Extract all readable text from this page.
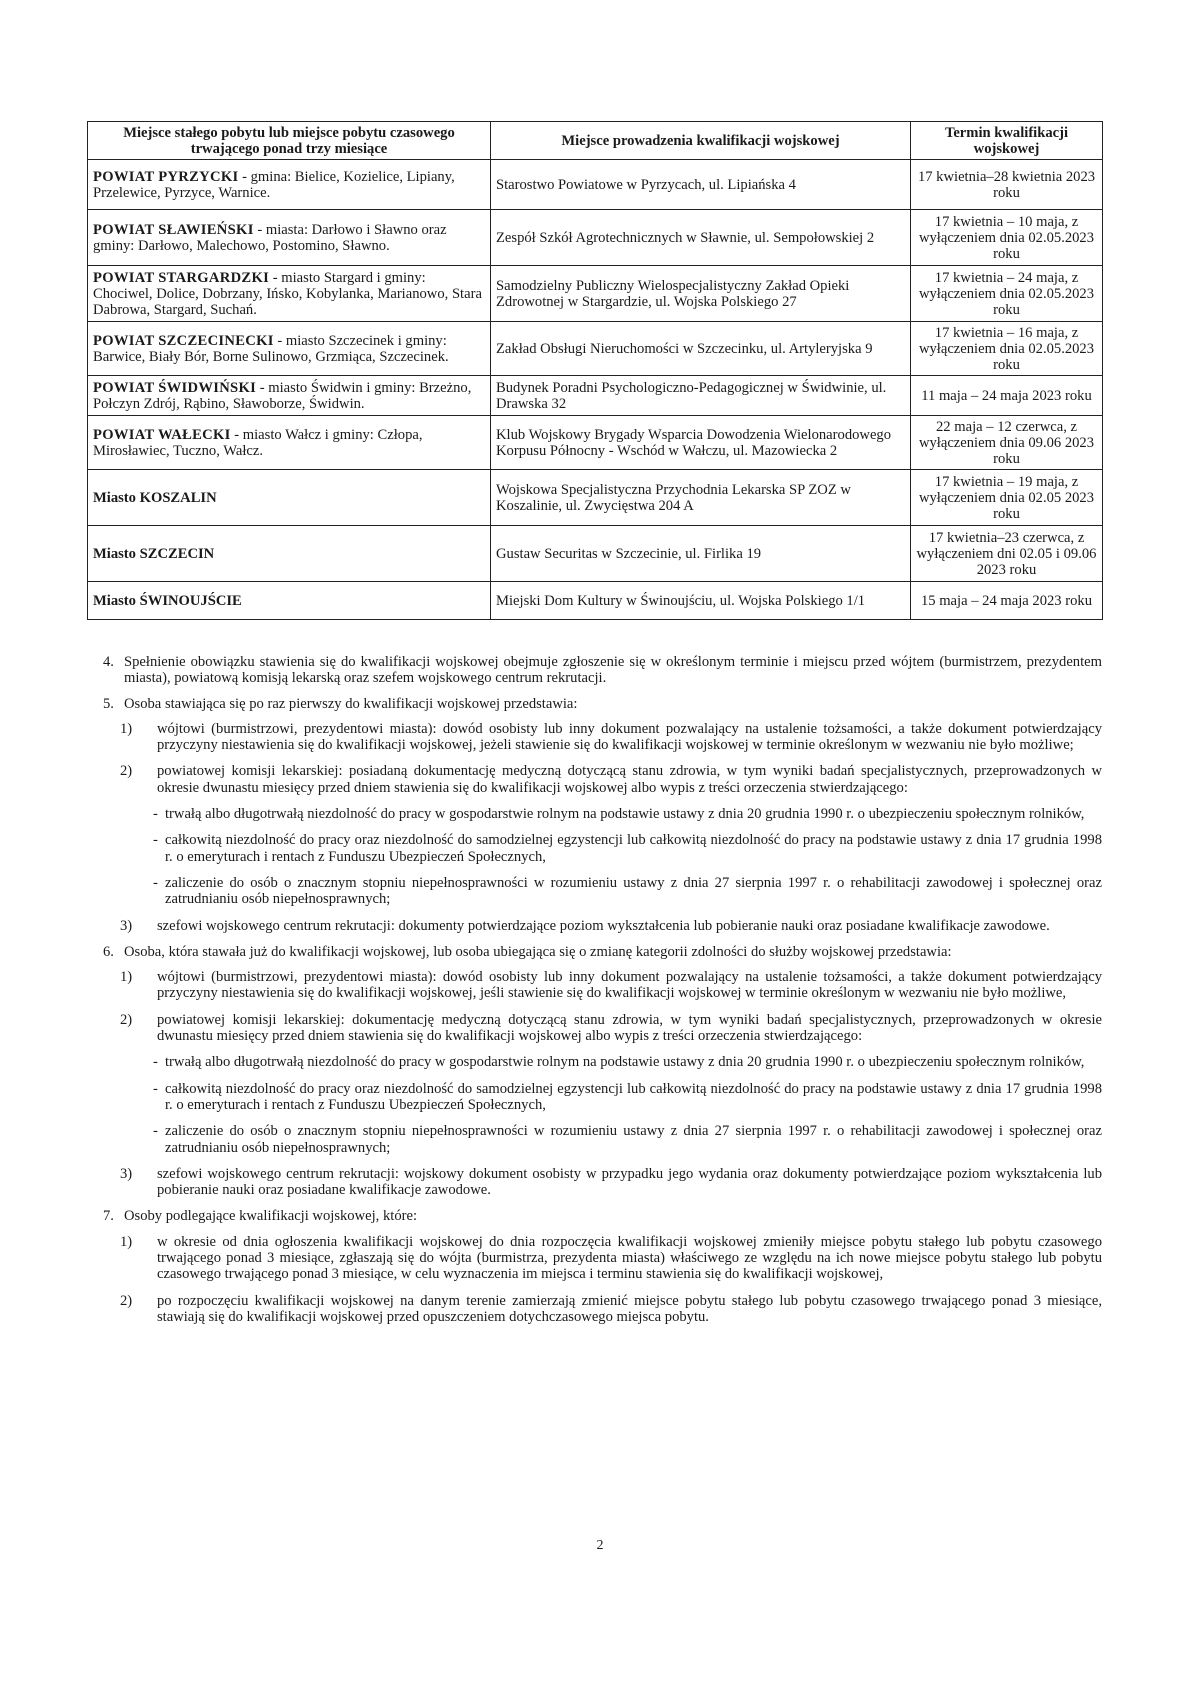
Miejsce stałego pobytu lub miejsce pobytu czasowego trwającego ponad trzy miesiące	Miejsce prowadzenia kwalifikacji wojskowej	Termin kwalifikacji wojskowej
POWIAT PYRZYCKI - gmina: Bielice, Kozielice, Lipiany, Przelewice, Pyrzyce, Warnice.	Starostwo Powiatowe w Pyrzycach, ul. Lipiańska 4	17 kwietnia–28 kwietnia 2023 roku
POWIAT SŁAWIEŃSKI - miasta: Darłowo i Sławno oraz gminy: Darłowo, Malechowo, Postomino, Sławno.	Zespół Szkół Agrotechnicznych w Sławnie, ul. Sempołowskiej 2	17 kwietnia – 10 maja, z wyłączeniem dnia 02.05.2023 roku
POWIAT STARGARDZKI - miasto Stargard i gminy: Chociwel, Dolice, Dobrzany, Ińsko, Kobylanka, Marianowo, Stara Dabrowa, Stargard, Suchań.	Samodzielny Publiczny Wielospecjalistyczny Zakład Opieki Zdrowotnej w Stargardzie, ul. Wojska Polskiego 27	17 kwietnia – 24 maja, z wyłączeniem dnia 02.05.2023 roku
POWIAT SZCZECINECKI - miasto Szczecinek i gminy: Barwice, Biały Bór, Borne Sulinowo, Grzmiąca, Szczecinek.	Zakład Obsługi Nieruchomości w Szczecinku, ul. Artyleryjska 9	17 kwietnia – 16 maja, z wyłączeniem dnia 02.05.2023 roku
POWIAT ŚWIDWIŃSKI - miasto Świdwin i gminy: Brzeżno, Połczyn Zdrój, Rąbino, Sławoborze, Świdwin.	Budynek Poradni Psychologiczno-Pedagogicznej w Świdwinie, ul. Drawska 32	11 maja – 24 maja 2023 roku
POWIAT WAŁECKI - miasto Wałcz i gminy: Człopa, Mirosławiec, Tuczno, Wałcz.	Klub Wojskowy Brygady Wsparcia Dowodzenia Wielonarodowego Korpusu Północny - Wschód w Wałczu, ul. Mazowiecka 2	22 maja – 12 czerwca, z wyłączeniem dnia 09.06 2023 roku
Miasto KOSZALIN	Wojskowa Specjalistyczna Przychodnia Lekarska SP ZOZ w Koszalinie, ul. Zwycięstwa 204 A	17 kwietnia – 19 maja, z wyłączeniem dnia 02.05 2023 roku
Miasto SZCZECIN	Gustaw Securitas w Szczecinie, ul. Firlika 19	17 kwietnia–23 czerwca, z wyłączeniem dni 02.05 i 09.06 2023 roku
Miasto ŚWINOUJŚCIE	Miejski Dom Kultury w Świnoujściu, ul. Wojska Polskiego 1/1	15 maja – 24 maja 2023 roku
4. Spełnienie obowiązku stawienia się do kwalifikacji wojskowej obejmuje zgłoszenie się w określonym terminie i miejscu przed wójtem (burmistrzem, prezydentem miasta), powiatową komisją lekarską oraz szefem wojskowego centrum rekrutacji.
5. Osoba stawiająca się po raz pierwszy do kwalifikacji wojskowej przedstawia:
1) wójtowi (burmistrzowi, prezydentowi miasta): dowód osobisty lub inny dokument pozwalający na ustalenie tożsamości, a także dokument potwierdzający przyczyny niestawienia się do kwalifikacji wojskowej, jeżeli stawienie się do kwalifikacji wojskowej w terminie określonym w wezwaniu nie było możliwe;
2) powiatowej komisji lekarskiej: posiadaną dokumentację medyczną dotyczącą stanu zdrowia, w tym wyniki badań specjalistycznych, przeprowadzonych w okresie dwunastu miesięcy przed dniem stawienia się do kwalifikacji wojskowej albo wypis z treści orzeczenia stwierdzającego:
- trwałą albo długotrwałą niezdolność do pracy w gospodarstwie rolnym na podstawie ustawy z dnia 20 grudnia 1990 r. o ubezpieczeniu społecznym rolników,
- całkowitą niezdolność do pracy oraz niezdolność do samodzielnej egzystencji lub całkowitą niezdolność do pracy na podstawie ustawy z dnia 17 grudnia 1998 r. o emeryturach i rentach z Funduszu Ubezpieczeń Społecznych,
- zaliczenie do osób o znacznym stopniu niepełnosprawności w rozumieniu ustawy z dnia 27 sierpnia 1997 r. o rehabilitacji zawodowej i społecznej oraz zatrudnianiu osób niepełnosprawnych;
3) szefowi wojskowego centrum rekrutacji: dokumenty potwierdzające poziom wykształcenia lub pobieranie nauki oraz posiadane kwalifikacje zawodowe.
6. Osoba, która stawała już do kwalifikacji wojskowej, lub osoba ubiegająca się o zmianę kategorii zdolności do służby wojskowej przedstawia:
1) wójtowi (burmistrzowi, prezydentowi miasta): dowód osobisty lub inny dokument pozwalający na ustalenie tożsamości, a także dokument potwierdzający przyczyny niestawienia się do kwalifikacji wojskowej, jeśli stawienie się do kwalifikacji wojskowej w terminie określonym w wezwaniu nie było możliwe,
2) powiatowej komisji lekarskiej: dokumentację medyczną dotyczącą stanu zdrowia, w tym wyniki badań specjalistycznych, przeprowadzonych w okresie dwunastu miesięcy przed dniem stawienia się do kwalifikacji wojskowej albo wypis z treści orzeczenia stwierdzającego:
- trwałą albo długotrwałą niezdolność do pracy w gospodarstwie rolnym na podstawie ustawy z dnia 20 grudnia 1990 r. o ubezpieczeniu społecznym rolników,
- całkowitą niezdolność do pracy oraz niezdolność do samodzielnej egzystencji lub całkowitą niezdolność do pracy na podstawie ustawy z dnia 17 grudnia 1998 r. o emeryturach i rentach z Funduszu Ubezpieczeń Społecznych,
- zaliczenie do osób o znacznym stopniu niepełnosprawności w rozumieniu ustawy z dnia 27 sierpnia 1997 r. o rehabilitacji zawodowej i społecznej oraz zatrudnianiu osób niepełnosprawnych;
3) szefowi wojskowego centrum rekrutacji: wojskowy dokument osobisty w przypadku jego wydania oraz dokumenty potwierdzające poziom wykształcenia lub pobieranie nauki oraz posiadane kwalifikacje zawodowe.
7. Osoby podlegające kwalifikacji wojskowej, które:
1) w okresie od dnia ogłoszenia kwalifikacji wojskowej do dnia rozpoczęcia kwalifikacji wojskowej zmieniły miejsce pobytu stałego lub pobytu czasowego trwającego ponad 3 miesiące, zgłaszają się do wójta (burmistrza, prezydenta miasta) właściwego ze względu na ich nowe miejsce pobytu stałego lub pobytu czasowego trwającego ponad 3 miesiące, w celu wyznaczenia im miejsca i terminu stawienia się do kwalifikacji wojskowej,
2) po rozpoczęciu kwalifikacji wojskowej na danym terenie zamierzają zmienić miejsce pobytu stałego lub pobytu czasowego trwającego ponad 3 miesiące, stawiają się do kwalifikacji wojskowej przed opuszczeniem dotychczasowego miejsca pobytu.
2
